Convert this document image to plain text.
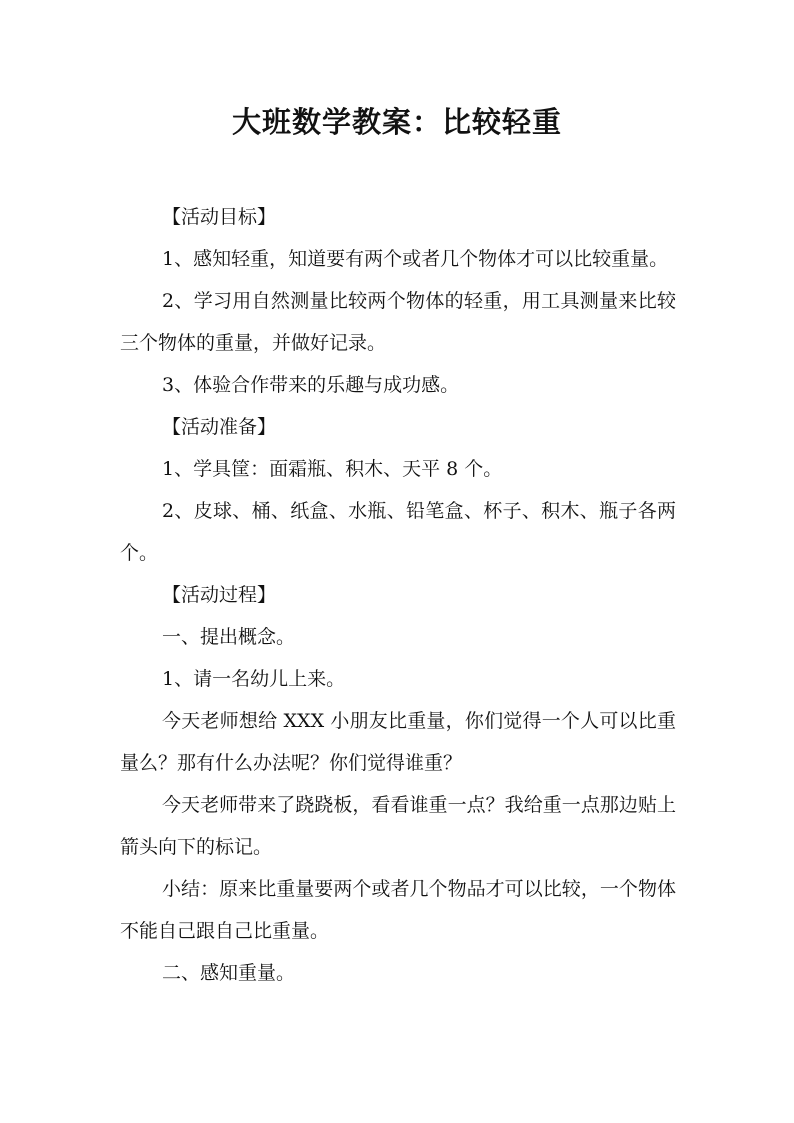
大班数学教案：比较轻重

【活动目标】

1、感知轻重，知道要有两个或者几个物体才可以比较重量。

2、学习用自然测量比较两个物体的轻重，用工具测量来比较三个物体的重量，并做好记录。

3、体验合作带来的乐趣与成功感。

【活动准备】

1、学具筐：面霜瓶、积木、天平 8 个。

2、皮球、桶、纸盒、水瓶、铅笔盒、杯子、积木、瓶子各两个。

【活动过程】

一、提出概念。

1、请一名幼儿上来。

今天老师想给 XXX 小朋友比重量，你们觉得一个人可以比重量么？那有什么办法呢？你们觉得谁重？

今天老师带来了跷跷板，看看谁重一点？我给重一点那边贴上箭头向下的标记。

小结：原来比重量要两个或者几个物品才可以比较，一个物体不能自己跟自己比重量。

二、感知重量。
